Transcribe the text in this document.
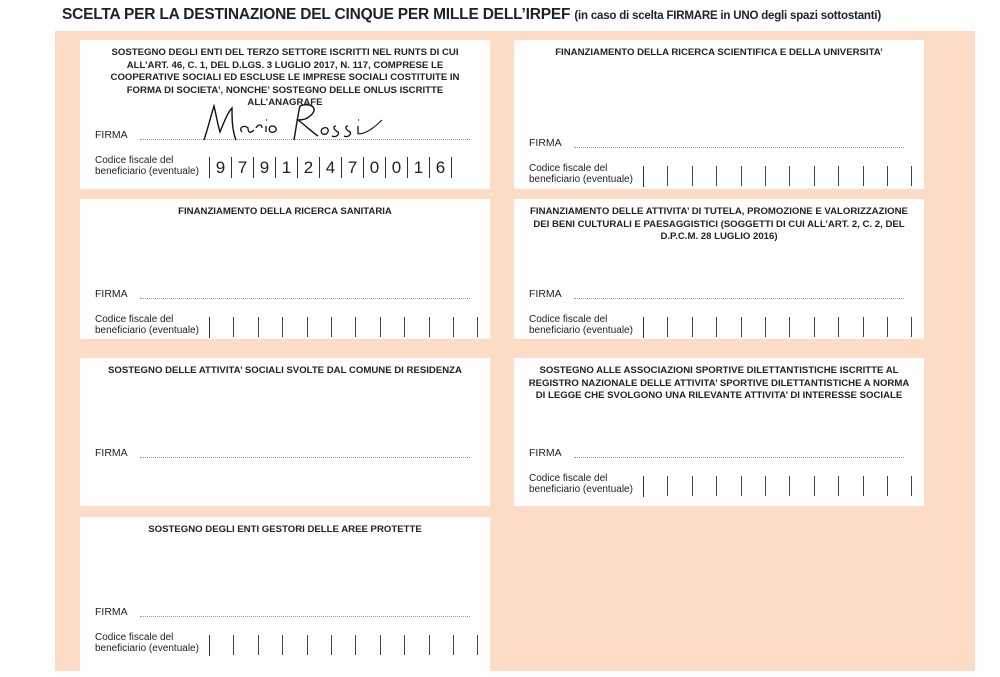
SCELTA PER LA DESTINAZIONE DEL CINQUE PER MILLE DELL’IRPEF (in caso di scelta FIRMARE in UNO degli spazi sottostanti)
SOSTEGNO DEGLI ENTI DEL TERZO SETTORE ISCRITTI NEL RUNTS DI CUI ALL’ART. 46, C. 1, DEL D.LGS. 3 LUGLIO 2017, N. 117, COMPRESE LE COOPERATIVE SOCIALI ED ESCLUSE LE IMPRESE SOCIALI COSTITUITE IN FORMA DI SOCIETA’, NONCHE’ SOSTEGNO DELLE ONLUS ISCRITTE ALL’ANAGRAFE
FIRMA
Codice fiscale del
beneficiario (eventuale) 9 7 9 1 2 4 7 0 0 1 6
FINANZIAMENTO DELLA RICERCA SCIENTIFICA E DELLA UNIVERSITA’
FIRMA
Codice fiscale del
beneficiario (eventuale)
FINANZIAMENTO DELLA RICERCA SANITARIA
FIRMA
Codice fiscale del
beneficiario (eventuale)
FINANZIAMENTO DELLE ATTIVITA’ DI TUTELA, PROMOZIONE E VALORIZZAZIONE DEI BENI CULTURALI E PAESAGGISTICI (SOGGETTI DI CUI ALL’ART. 2, C. 2, DEL D.P.C.M. 28 LUGLIO 2016)
FIRMA
Codice fiscale del
beneficiario (eventuale)
SOSTEGNO DELLE ATTIVITA’ SOCIALI SVOLTE DAL COMUNE DI RESIDENZA
FIRMA
SOSTEGNO ALLE ASSOCIAZIONI SPORTIVE DILETTANTISTICHE ISCRITTE AL REGISTRO NAZIONALE DELLE ATTIVITA’ SPORTIVE DILETTANTISTICHE A NORMA DI LEGGE CHE SVOLGONO UNA RILEVANTE ATTIVITA’ DI INTERESSE SOCIALE
FIRMA
Codice fiscale del
beneficiario (eventuale)
SOSTEGNO DEGLI ENTI GESTORI DELLE AREE PROTETTE
FIRMA
Codice fiscale del
beneficiario (eventuale)
